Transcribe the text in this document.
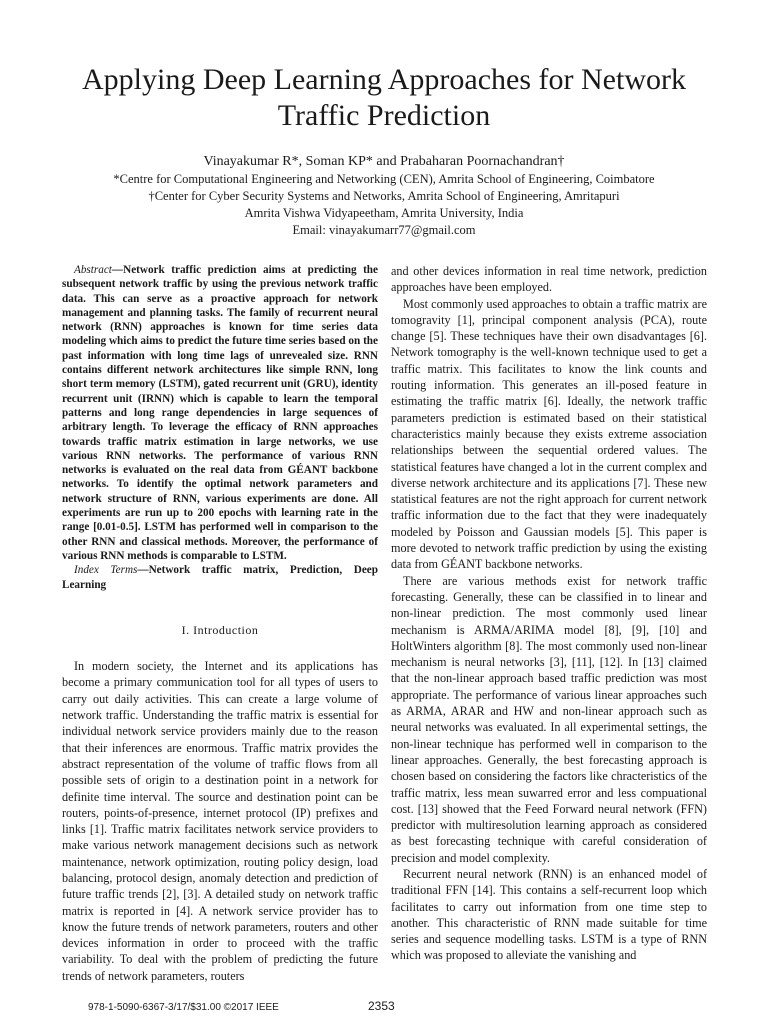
Applying Deep Learning Approaches for Network Traffic Prediction
Vinayakumar R*, Soman KP* and Prabaharan Poornachandran†
*Centre for Computational Engineering and Networking (CEN), Amrita School of Engineering, Coimbatore
†Center for Cyber Security Systems and Networks, Amrita School of Engineering, Amritapuri
Amrita Vishwa Vidyapeetham, Amrita University, India
Email: vinayakumarr77@gmail.com

Abstract—Network traffic prediction aims at predicting the subsequent network traffic by using the previous network traffic data. This can serve as a proactive approach for network management and planning tasks. The family of recurrent neural network (RNN) approaches is known for time series data modeling which aims to predict the future time series based on the past information with long time lags of unrevealed size. RNN contains different network architectures like simple RNN, long short term memory (LSTM), gated recurrent unit (GRU), identity recurrent unit (IRNN) which is capable to learn the temporal patterns and long range dependencies in large sequences of arbitrary length. To leverage the efficacy of RNN approaches towards traffic matrix estimation in large networks, we use various RNN networks. The performance of various RNN networks is evaluated on the real data from GÉANT backbone networks. To identify the optimal network parameters and network structure of RNN, various experiments are done. All experiments are run up to 200 epochs with learning rate in the range [0.01-0.5]. LSTM has performed well in comparison to the other RNN and classical methods. Moreover, the performance of various RNN methods is comparable to LSTM.

Index Terms—Network traffic matrix, Prediction, Deep Learning

I. Introduction

In modern society, the Internet and its applications has become a primary communication tool for all types of users to carry out daily activities. This can create a large volume of network traffic. Understanding the traffic matrix is essential for individual network service providers mainly due to the reason that their inferences are enormous. Traffic matrix provides the abstract representation of the volume of traffic flows from all possible sets of origin to a destination point in a network for definite time interval. The source and destination point can be routers, points-of-presence, internet protocol (IP) prefixes and links [1]. Traffic matrix facilitates network service providers to make various network management decisions such as network maintenance, network optimization, routing policy design, load balancing, protocol design, anomaly detection and prediction of future traffic trends [2], [3]. A detailed study on network traffic matrix is reported in [4]. A network service provider has to know the future trends of network parameters, routers and other devices information in order to proceed with the traffic variability. To deal with the problem of predicting the future trends of network parameters, routers

and other devices information in real time network, prediction approaches have been employed.

Most commonly used approaches to obtain a traffic matrix are tomogravity [1], principal component analysis (PCA), route change [5]. These techniques have their own disadvantages [6]. Network tomography is the well-known technique used to get a traffic matrix. This facilitates to know the link counts and routing information. This generates an ill-posed feature in estimating the traffic matrix [6]. Ideally, the network traffic parameters prediction is estimated based on their statistical characteristics mainly because they exists extreme association relationships between the sequential ordered values. The statistical features have changed a lot in the current complex and diverse network architecture and its applications [7]. These new statistical features are not the right approach for current network traffic information due to the fact that they were inadequately modeled by Poisson and Gaussian models [5]. This paper is more devoted to network traffic prediction by using the existing data from GÉANT backbone networks.

There are various methods exist for network traffic forecasting. Generally, these can be classified in to linear and non-linear prediction. The most commonly used linear mechanism is ARMA/ARIMA model [8], [9], [10] and HoltWinters algorithm [8]. The most commonly used non-linear mechanism is neural networks [3], [11], [12]. In [13] claimed that the non-linear approach based traffic prediction was most appropriate. The performance of various linear approaches such as ARMA, ARAR and HW and non-linear approach such as neural networks was evaluated. In all experimental settings, the non-linear technique has performed well in comparison to the linear approaches. Generally, the best forecasting approach is chosen based on considering the factors like chracteristics of the traffic matrix, less mean suwarred error and less compuational cost. [13] showed that the Feed Forward neural network (FFN) predictor with multiresolution learning approach as considered as best forecasting technique with careful consideration of precision and model complexity.

Recurrent neural network (RNN) is an enhanced model of traditional FFN [14]. This contains a self-recurrent loop which facilitates to carry out information from one time step to another. This characteristic of RNN made suitable for time series and sequence modelling tasks. LSTM is a type of RNN which was proposed to alleviate the vanishing and

978-1-5090-6367-3/17/$31.00 ©2017 IEEE	2353
